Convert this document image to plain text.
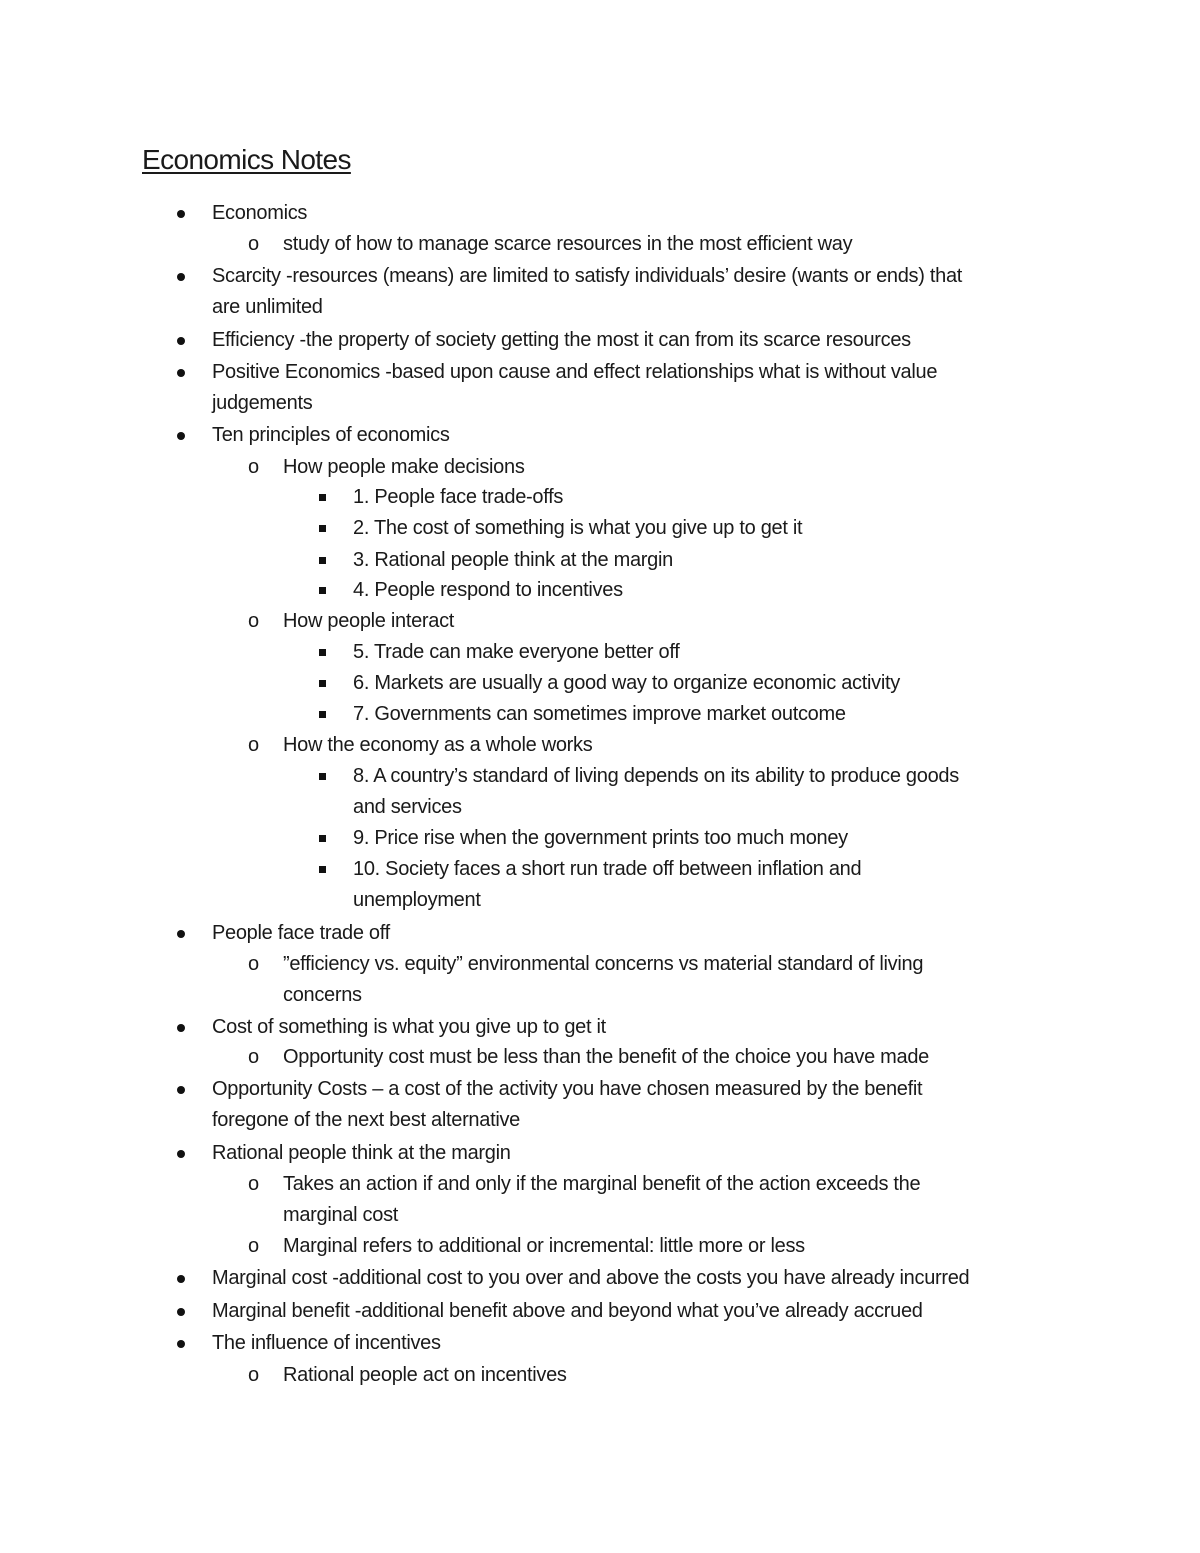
Economics Notes
Economics
o study of how to manage scarce resources in the most efficient way
Scarcity -resources (means) are limited to satisfy individuals’ desire (wants or ends) that
are unlimited
Efficiency -the property of society getting the most it can from its scarce resources
Positive Economics -based upon cause and effect relationships what is without value
judgements
Ten principles of economics
o How people make decisions
1. People face trade-offs
2. The cost of something is what you give up to get it
3. Rational people think at the margin
4. People respond to incentives
o How people interact
5. Trade can make everyone better off
6. Markets are usually a good way to organize economic activity
7. Governments can sometimes improve market outcome
o How the economy as a whole works
8. A country’s standard of living depends on its ability to produce goods
and services
9. Price rise when the government prints too much money
10. Society faces a short run trade off between inflation and
unemployment
People face trade off
o ”efficiency vs. equity” environmental concerns vs material standard of living
concerns
Cost of something is what you give up to get it
o Opportunity cost must be less than the benefit of the choice you have made
Opportunity Costs – a cost of the activity you have chosen measured by the benefit
foregone of the next best alternative
Rational people think at the margin
o Takes an action if and only if the marginal benefit of the action exceeds the
marginal cost
o Marginal refers to additional or incremental: little more or less
Marginal cost -additional cost to you over and above the costs you have already incurred
Marginal benefit -additional benefit above and beyond what you’ve already accrued
The influence of incentives
o Rational people act on incentives
